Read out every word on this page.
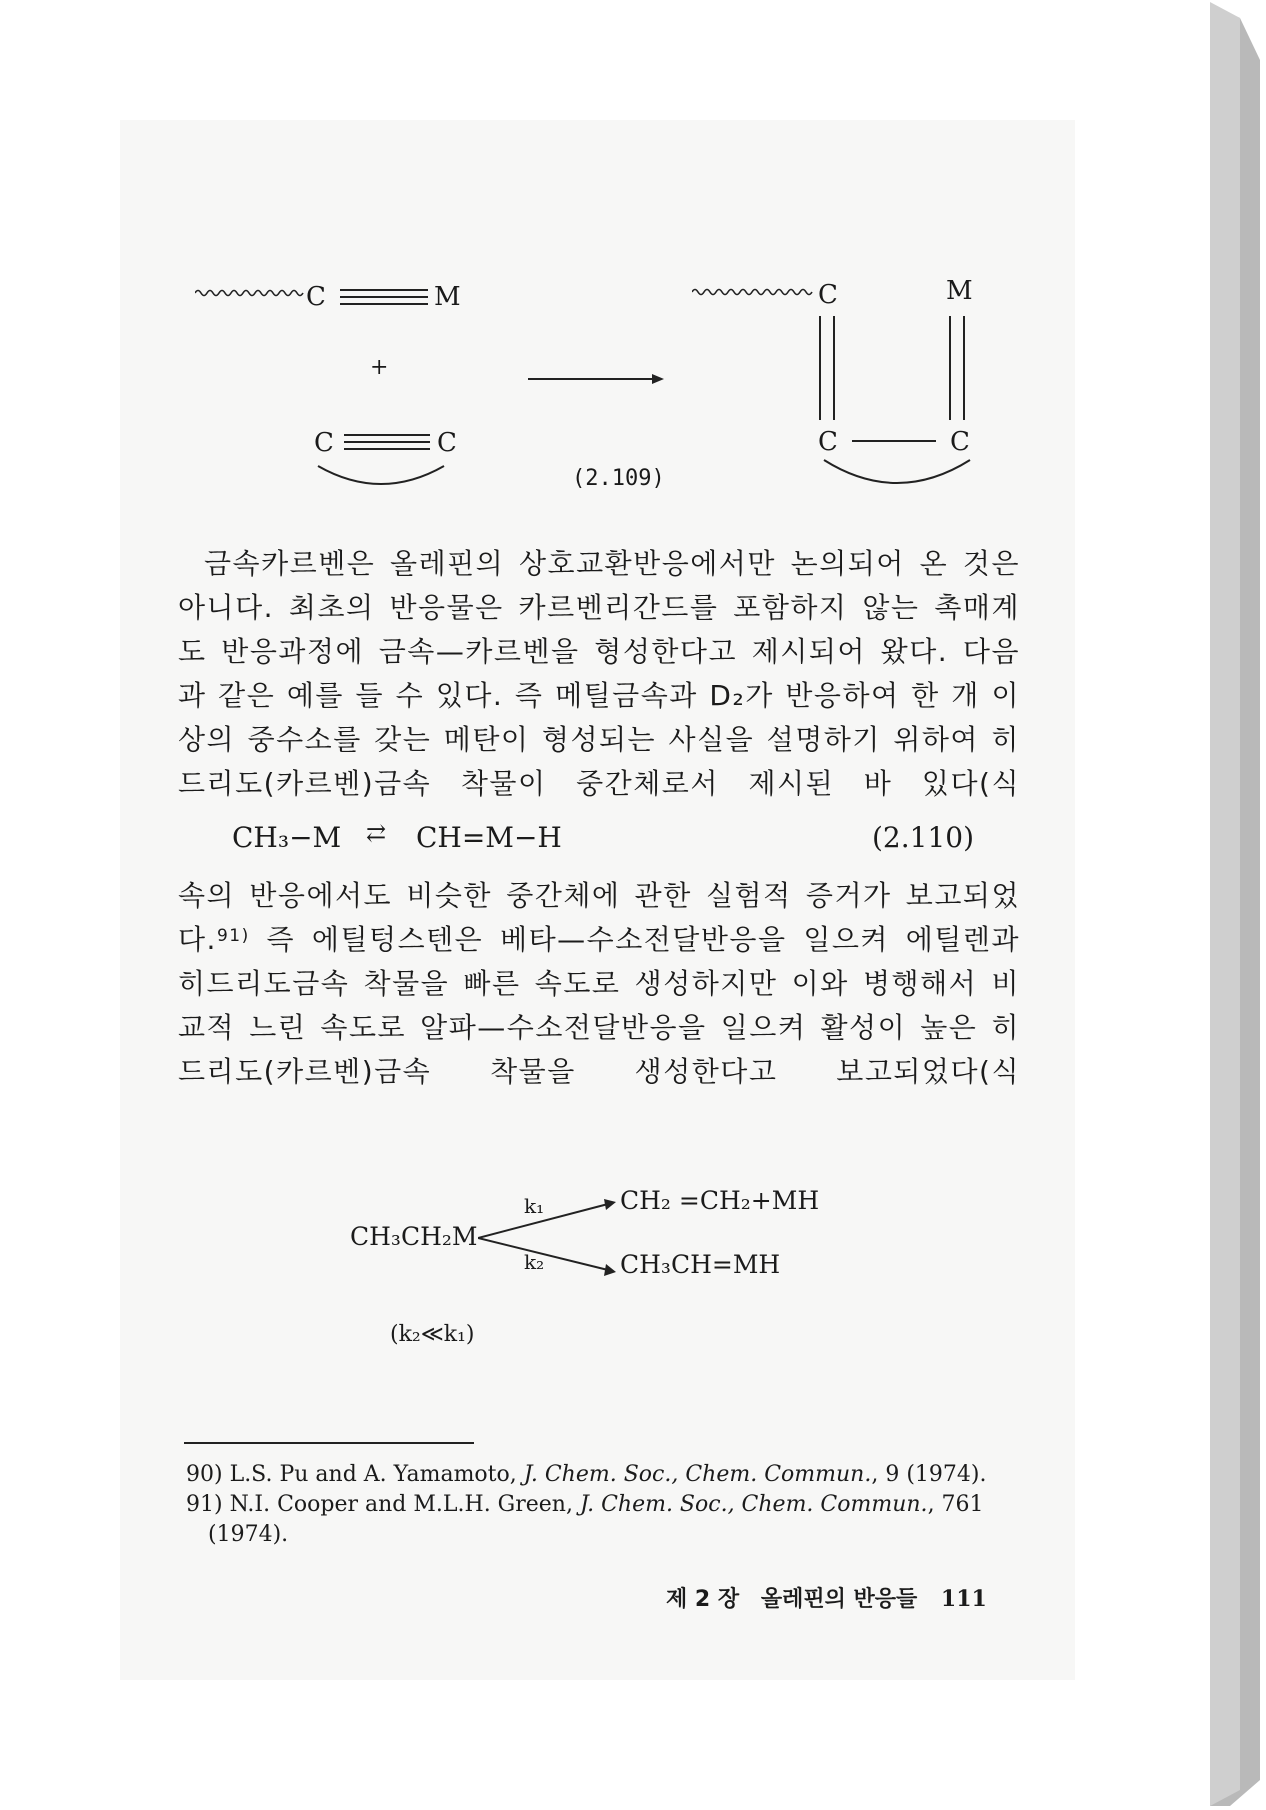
C	M
+
C	C
(2.109)
C	M
C	C
금속카르벤은 올레핀의 상호교환반응에서만 논의되어 온 것은 아니다. 최초의 반응물은 카르벤리간드를 포함하지 않는 촉매계도 반응과정에 금속—카르벤을 형성한다고 제시되어 왔다. 다음과 같은 예를 들 수 있다. 즉 메틸금속과 D₂가 반응하여 한 개 이상의 중수소를 갖는 메탄이 형성되는 사실을 설명하기 위하여 히드리도(카르벤)금속 착물이 중간체로서 제시된 바 있다(식
CH₃−M ⇄ CH=M−H	(2.110)
속의 반응에서도 비슷한 중간체에 관한 실험적 증거가 보고되었다.$^{91)}$ 즉 에틸텅스텐은 베타—수소전달반응을 일으켜 에틸렌과 히드리도금속 착물을 빠른 속도로 생성하지만 이와 병행해서 비교적 느린 속도로 알파—수소전달반응을 일으켜 활성이 높은 히드리도(카르벤)금속 착물을 생성한다고 보고되었다(식
CH₃CH₂M
k₁
k₂
CH₂ =CH₂+MH
CH₃CH=MH
(k₂≪k₁)
90) L.S. Pu and A. Yamamoto, J. Chem. Soc., Chem. Commun., 9 (1974).
91) N.I. Cooper and M.L.H. Green, J. Chem. Soc., Chem. Commun., 761
(1974).
제 2 장 올레핀의 반응들 111
